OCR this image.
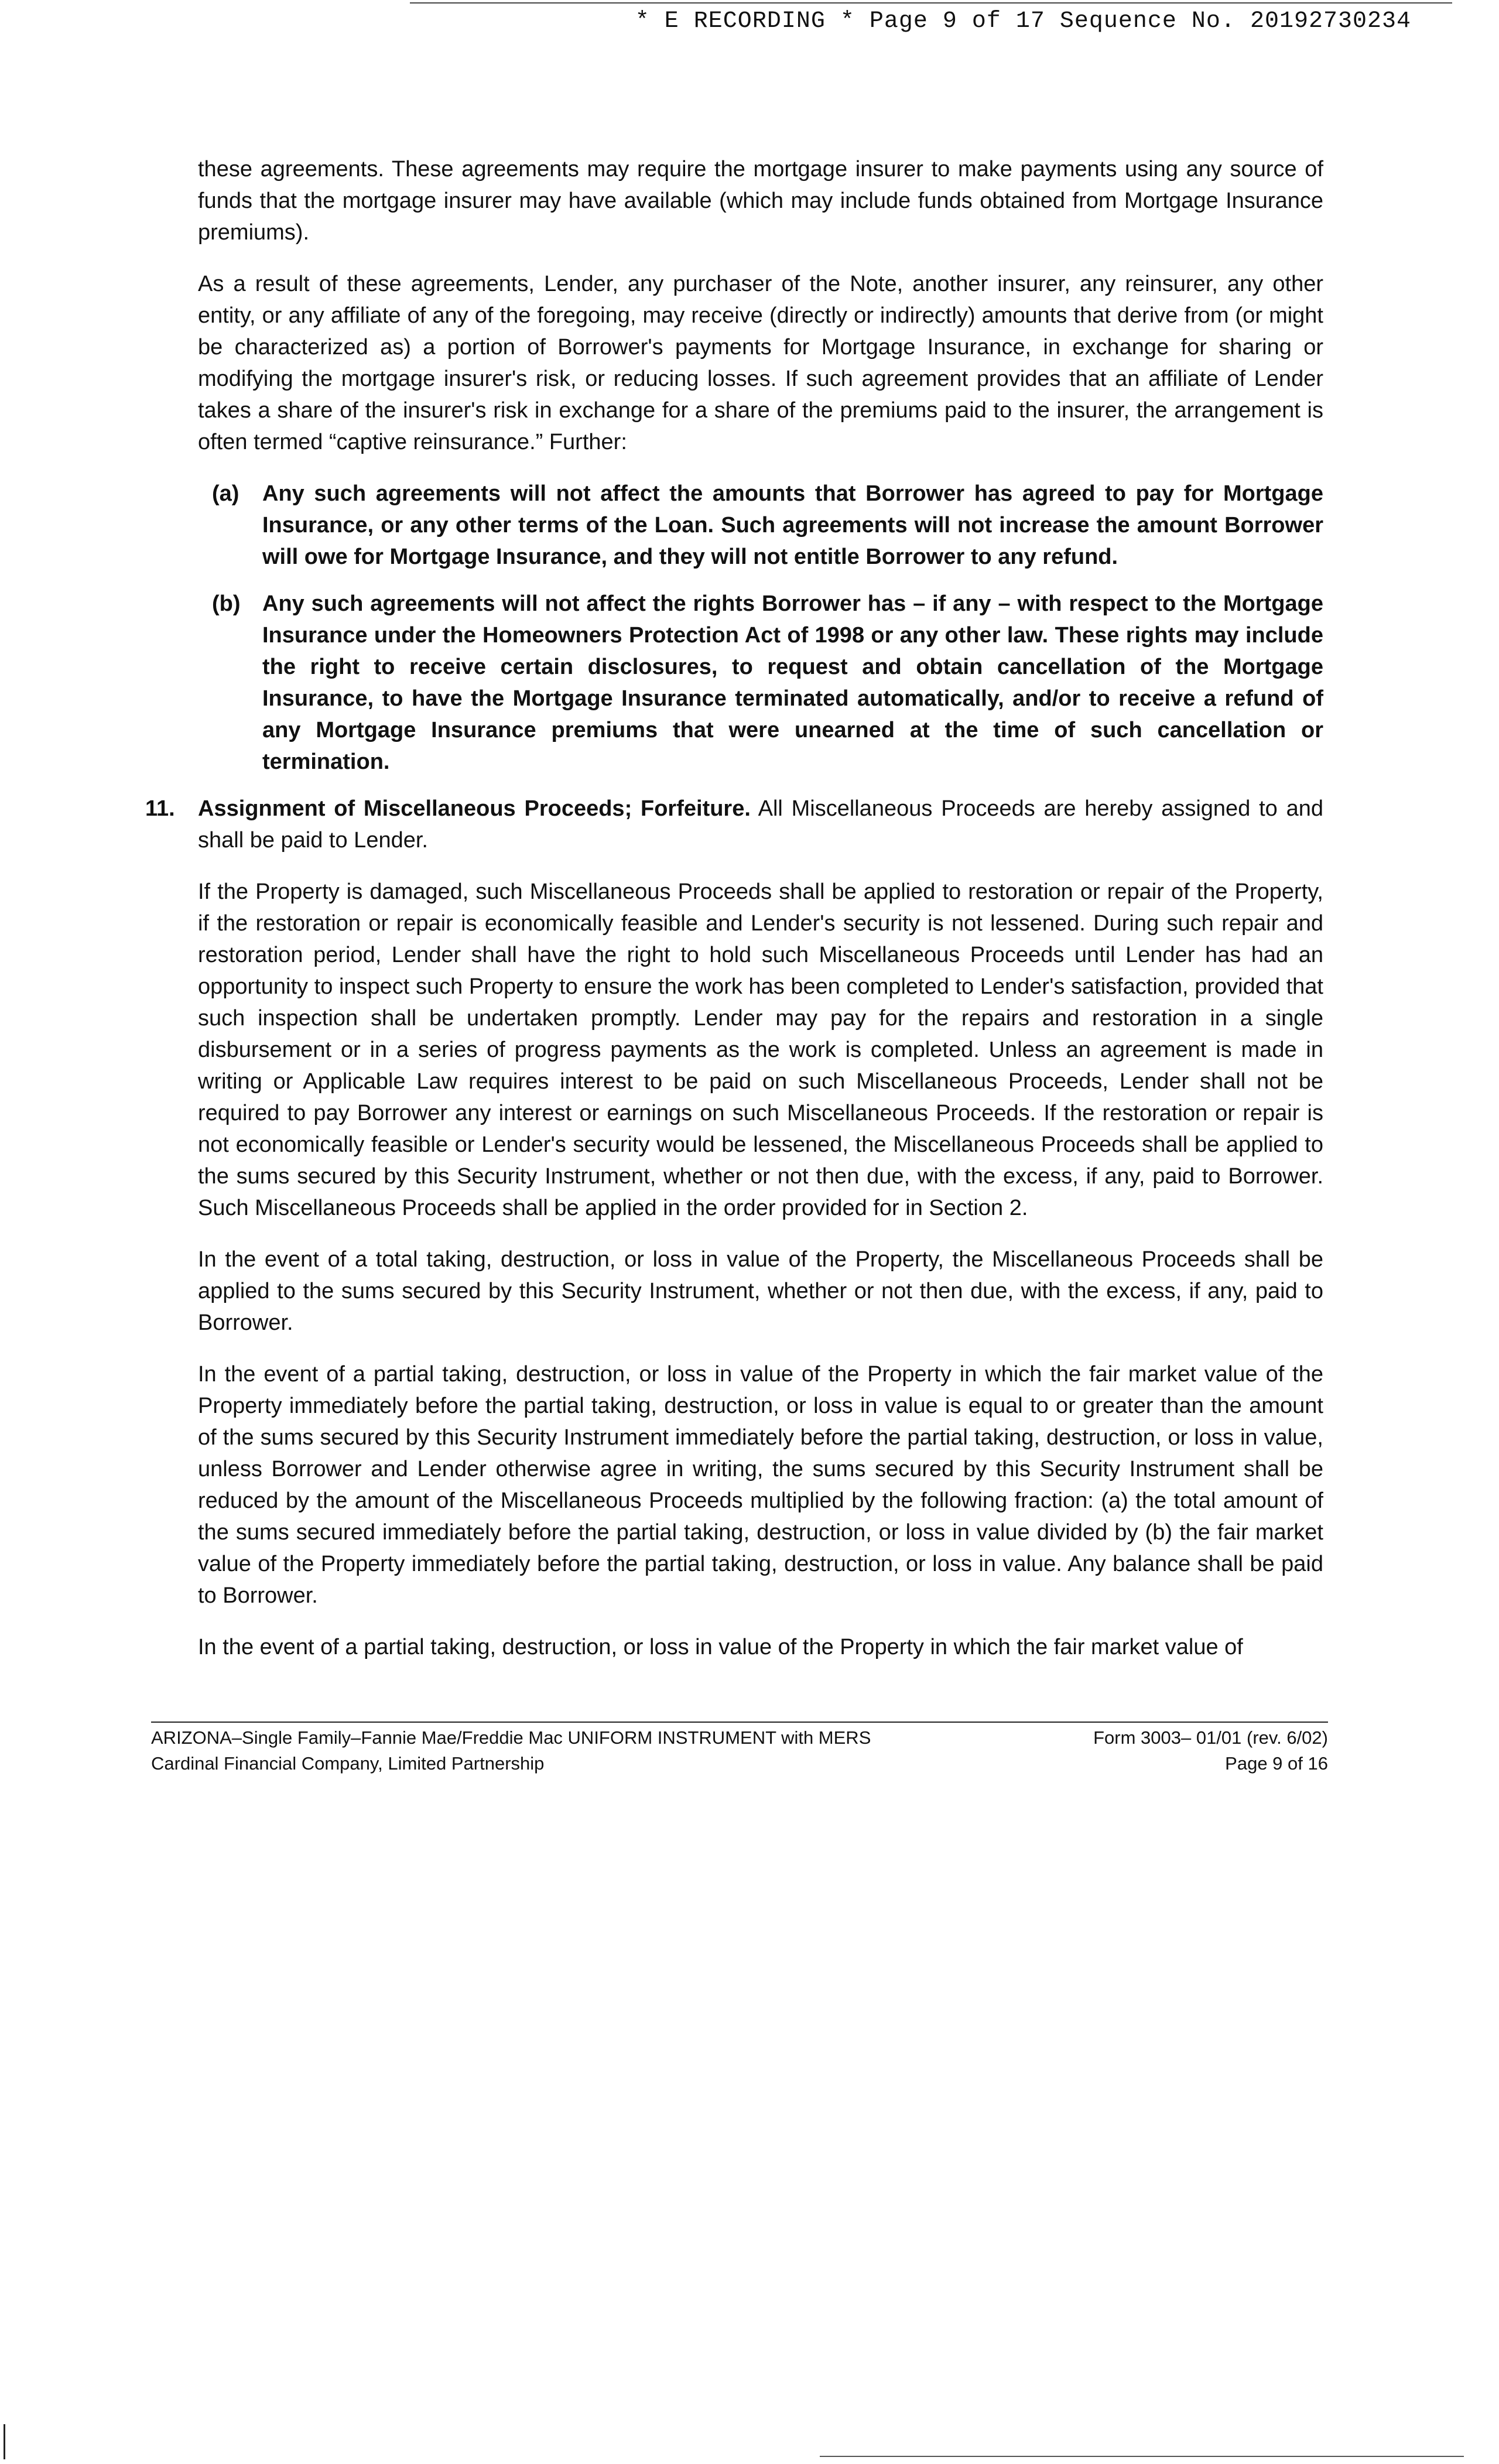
* E RECORDING * Page 9 of 17 Sequence No. 20192730234

these agreements. These agreements may require the mortgage insurer to make payments using any source of funds that the mortgage insurer may have available (which may include funds obtained from Mortgage Insurance premiums).

As a result of these agreements, Lender, any purchaser of the Note, another insurer, any reinsurer, any other entity, or any affiliate of any of the foregoing, may receive (directly or indirectly) amounts that derive from (or might be characterized as) a portion of Borrower's payments for Mortgage Insurance, in exchange for sharing or modifying the mortgage insurer's risk, or reducing losses. If such agreement provides that an affiliate of Lender takes a share of the insurer's risk in exchange for a share of the premiums paid to the insurer, the arrangement is often termed “captive reinsurance.” Further:

(a) Any such agreements will not affect the amounts that Borrower has agreed to pay for Mortgage Insurance, or any other terms of the Loan. Such agreements will not increase the amount Borrower will owe for Mortgage Insurance, and they will not entitle Borrower to any refund.
(b) Any such agreements will not affect the rights Borrower has – if any – with respect to the Mortgage Insurance under the Homeowners Protection Act of 1998 or any other law. These rights may include the right to receive certain disclosures, to request and obtain cancellation of the Mortgage Insurance, to have the Mortgage Insurance terminated automatically, and/or to receive a refund of any Mortgage Insurance premiums that were unearned at the time of such cancellation or termination.
11. Assignment of Miscellaneous Proceeds; Forfeiture. All Miscellaneous Proceeds are hereby assigned to and shall be paid to Lender.

If the Property is damaged, such Miscellaneous Proceeds shall be applied to restoration or repair of the Property, if the restoration or repair is economically feasible and Lender's security is not lessened. During such repair and restoration period, Lender shall have the right to hold such Miscellaneous Proceeds until Lender has had an opportunity to inspect such Property to ensure the work has been completed to Lender's satisfaction, provided that such inspection shall be undertaken promptly. Lender may pay for the repairs and restoration in a single disbursement or in a series of progress payments as the work is completed. Unless an agreement is made in writing or Applicable Law requires interest to be paid on such Miscellaneous Proceeds, Lender shall not be required to pay Borrower any interest or earnings on such Miscellaneous Proceeds. If the restoration or repair is not economically feasible or Lender's security would be lessened, the Miscellaneous Proceeds shall be applied to the sums secured by this Security Instrument, whether or not then due, with the excess, if any, paid to Borrower. Such Miscellaneous Proceeds shall be applied in the order provided for in Section 2.

In the event of a total taking, destruction, or loss in value of the Property, the Miscellaneous Proceeds shall be applied to the sums secured by this Security Instrument, whether or not then due, with the excess, if any, paid to Borrower.

In the event of a partial taking, destruction, or loss in value of the Property in which the fair market value of the Property immediately before the partial taking, destruction, or loss in value is equal to or greater than the amount of the sums secured by this Security Instrument immediately before the partial taking, destruction, or loss in value, unless Borrower and Lender otherwise agree in writing, the sums secured by this Security Instrument shall be reduced by the amount of the Miscellaneous Proceeds multiplied by the following fraction: (a) the total amount of the sums secured immediately before the partial taking, destruction, or loss in value divided by (b) the fair market value of the Property immediately before the partial taking, destruction, or loss in value. Any balance shall be paid to Borrower.

In the event of a partial taking, destruction, or loss in value of the Property in which the fair market value of

ARIZONA–Single Family–Fannie Mae/Freddie Mac UNIFORM INSTRUMENT with MERS
Cardinal Financial Company, Limited Partnership
Form 3003– 01/01 (rev. 6/02)
Page 9 of 16
